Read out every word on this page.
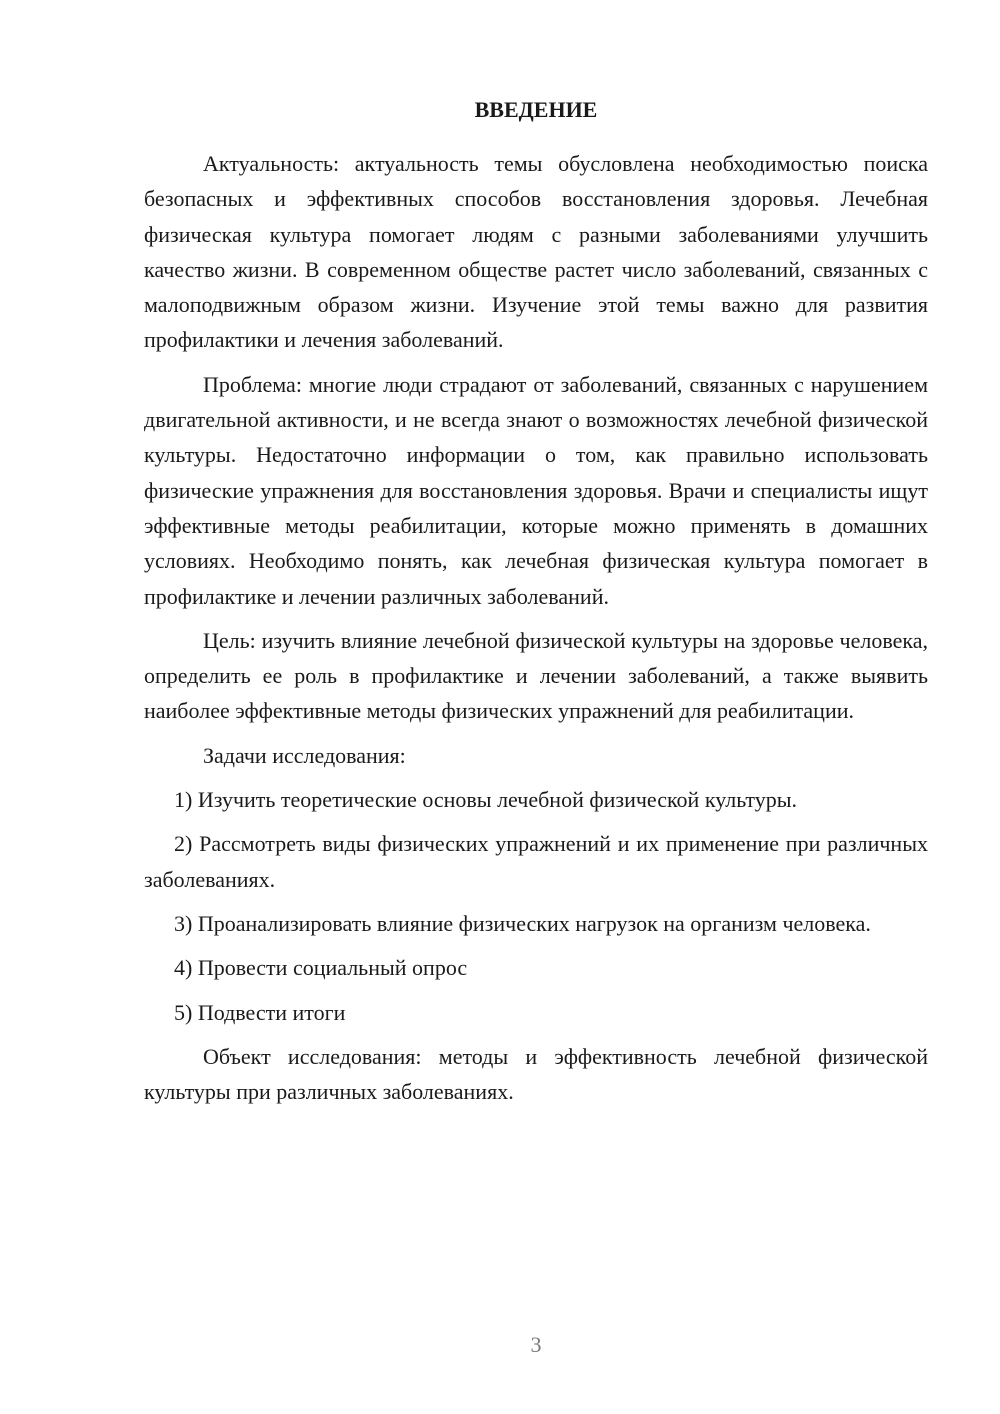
ВВЕДЕНИЕ

Актуальность: актуальность темы обусловлена необходимостью поиска безопасных и эффективных способов восстановления здоровья. Лечебная физическая культура помогает людям с разными заболеваниями улучшить качество жизни. В современном обществе растет число заболеваний, связанных с малоподвижным образом жизни. Изучение этой темы важно для развития профилактики и лечения заболеваний.

Проблема: многие люди страдают от заболеваний, связанных с нарушением двигательной активности, и не всегда знают о возможностях лечебной физической культуры. Недостаточно информации о том, как правильно использовать физические упражнения для восстановления здоровья. Врачи и специалисты ищут эффективные методы реабилитации, которые можно применять в домашних условиях. Необходимо понять, как лечебная физическая культура помогает в профилактике и лечении различных заболеваний.

Цель: изучить влияние лечебной физической культуры на здоровье человека, определить ее роль в профилактике и лечении заболеваний, а также выявить наиболее эффективные методы физических упражнений для реабилитации.

Задачи исследования:

1) Изучить теоретические основы лечебной физической культуры.

2) Рассмотреть виды физических упражнений и их применение при различных заболеваниях.

3) Проанализировать влияние физических нагрузок на организм человека.

4) Провести социальный опрос

5) Подвести итоги

Объект исследования: методы и эффективность лечебной физической культуры при различных заболеваниях.

3
